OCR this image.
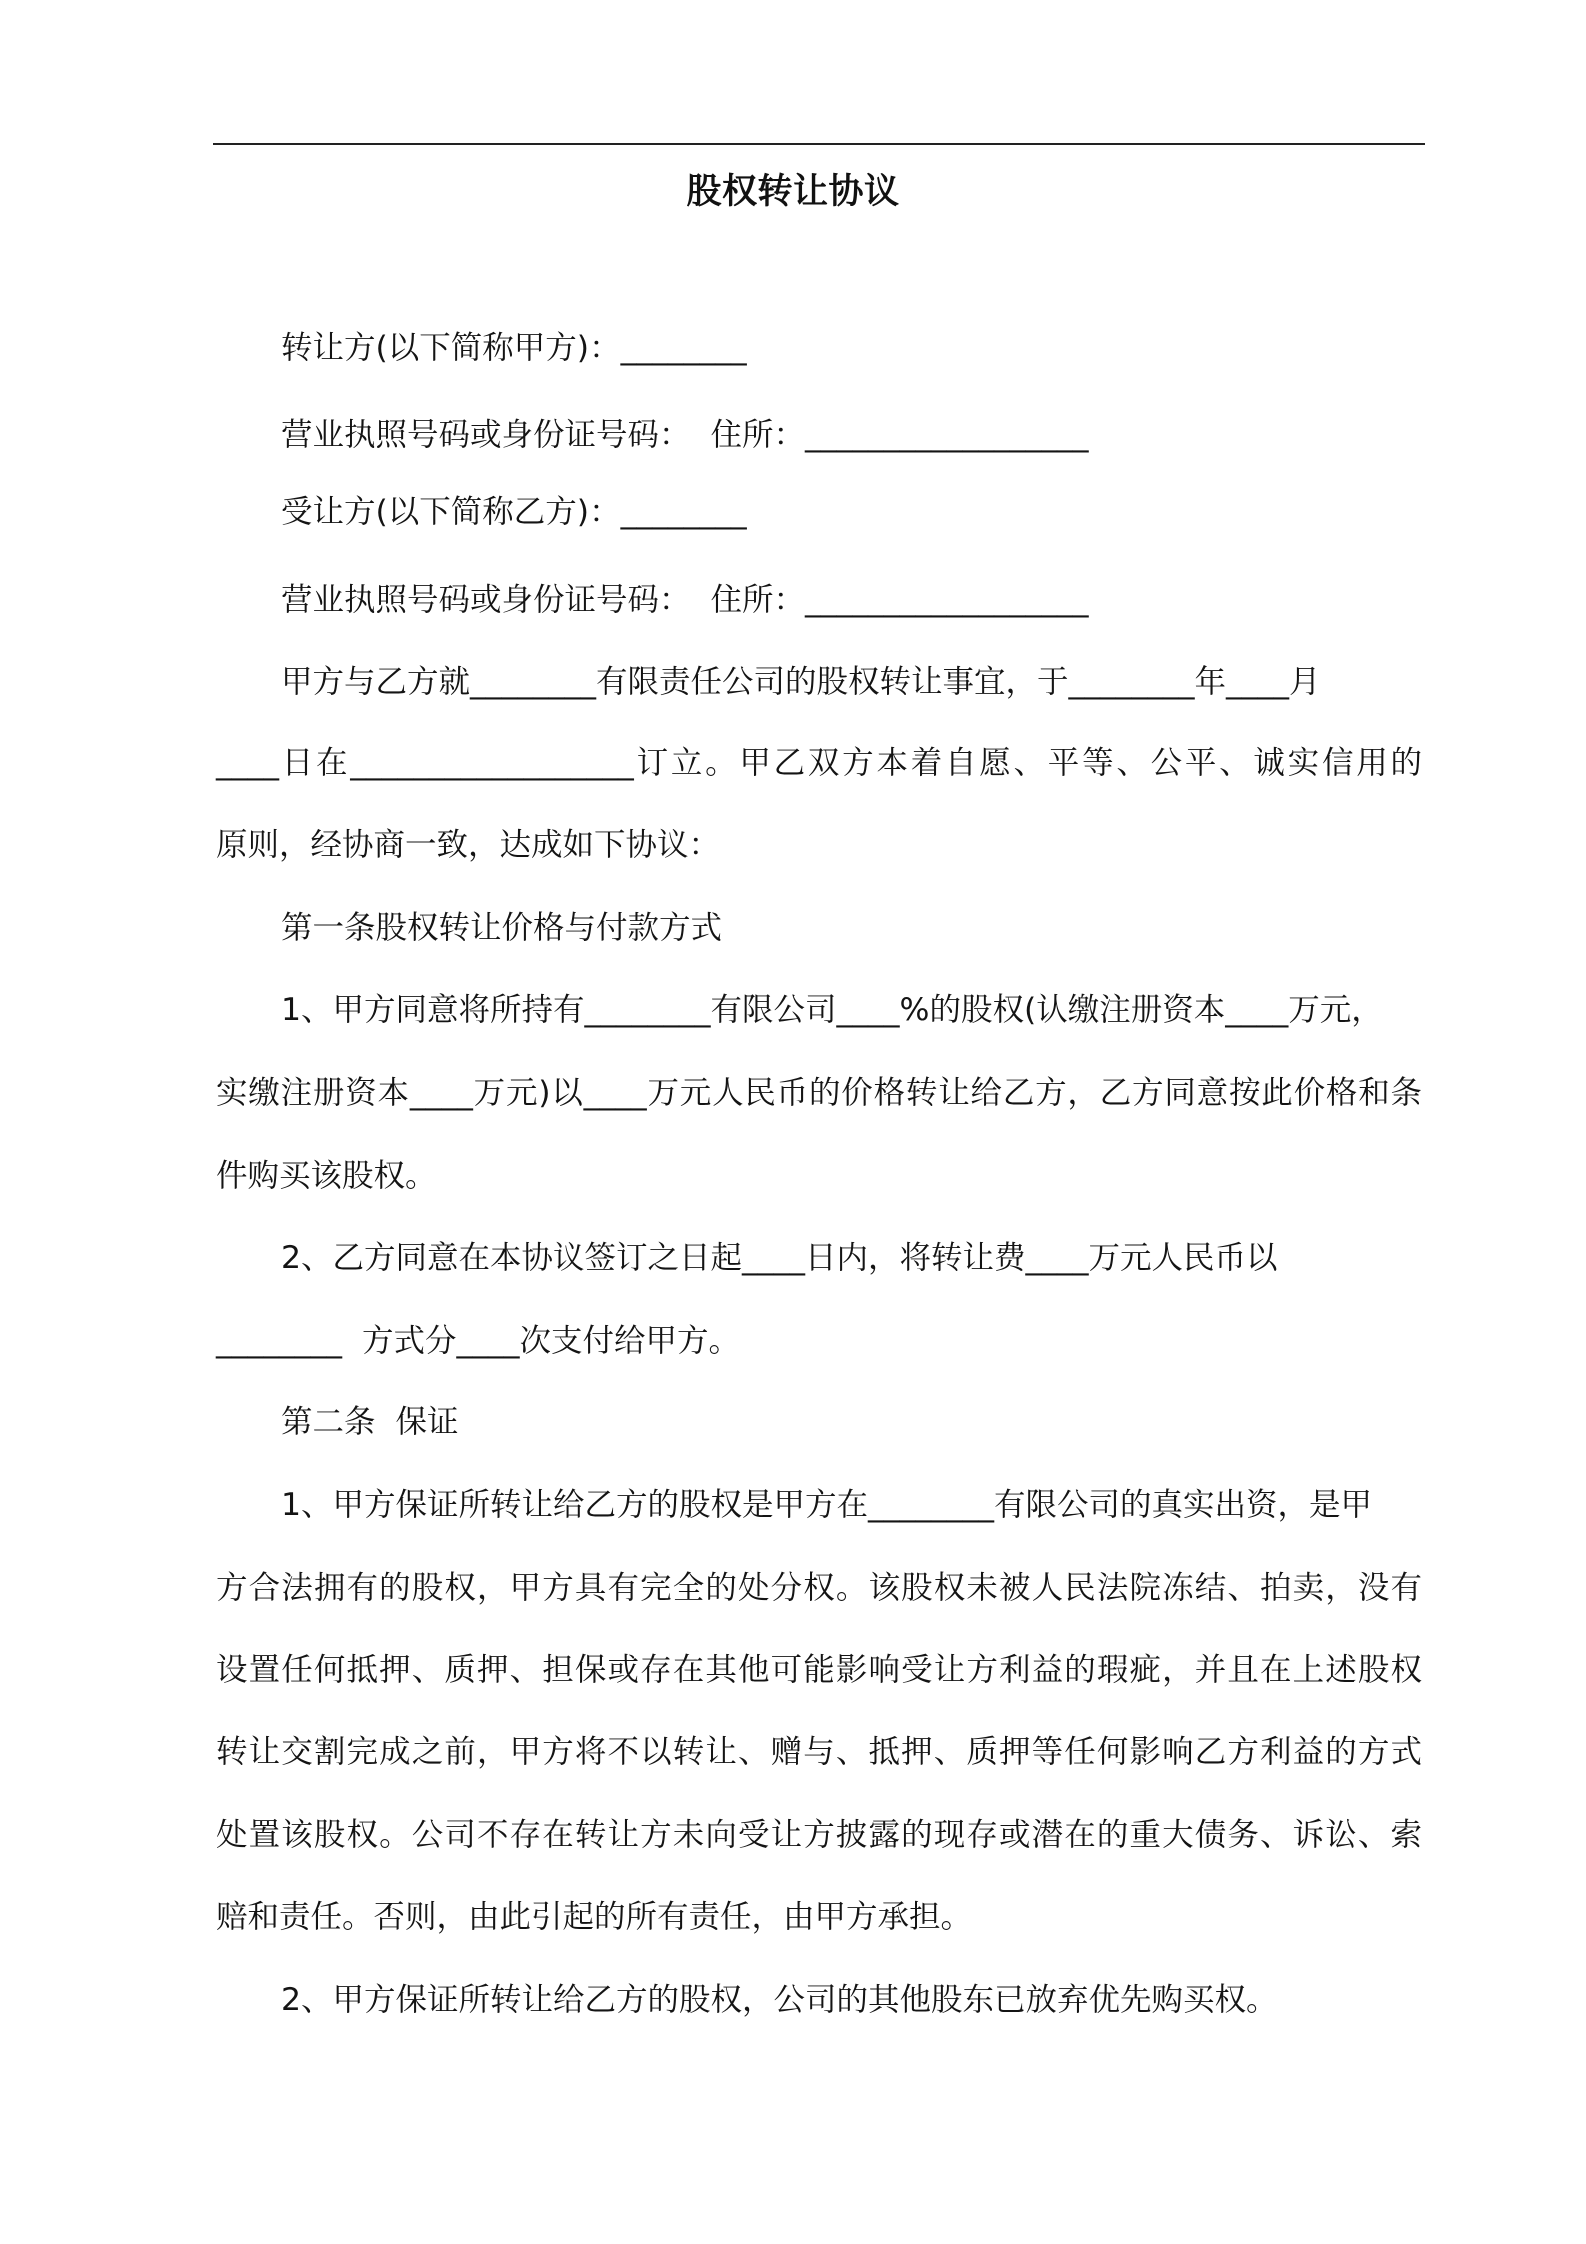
股权转让协议
转让方(以下简称甲方)：________
营业执照号码或身份证号码：  住所：__________________
受让方(以下简称乙方)：________
营业执照号码或身份证号码：  住所：__________________
甲方与乙方就________有限责任公司的股权转让事宜，于________年____月
____日在__________________订立。甲乙双方本着自愿、平等、公平、诚实信用的
原则，经协商一致，达成如下协议：
第一条股权转让价格与付款方式
1、甲方同意将所持有________有限公司____%的股权(认缴注册资本____万元，
实缴注册资本____万元)以____万元人民币的价格转让给乙方，乙方同意按此价格和条
件购买该股权。
2、乙方同意在本协议签订之日起____日内，将转让费____万元人民币以
________  方式分____次支付给甲方。
第二条  保证
1、甲方保证所转让给乙方的股权是甲方在________有限公司的真实出资，是甲
方合法拥有的股权，甲方具有完全的处分权。该股权未被人民法院冻结、拍卖，没有
设置任何抵押、质押、担保或存在其他可能影响受让方利益的瑕疵，并且在上述股权
转让交割完成之前，甲方将不以转让、赠与、抵押、质押等任何影响乙方利益的方式
处置该股权。公司不存在转让方未向受让方披露的现存或潜在的重大债务、诉讼、索
赔和责任。否则，由此引起的所有责任，由甲方承担。
2、甲方保证所转让给乙方的股权，公司的其他股东已放弃优先购买权。
